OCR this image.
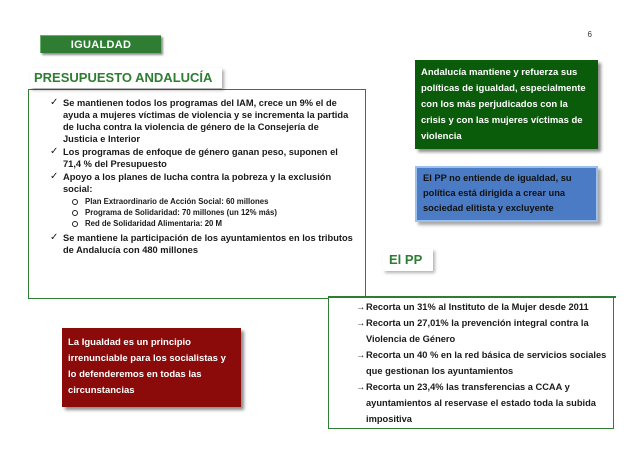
6
IGUALDAD
PRESUPUESTO ANDALUCÍA
✓ Se mantienen todos los programas del IAM, crece un 9% el de ayuda a mujeres víctimas de violencia y se incrementa la partida de lucha contra la violencia de género de la Consejería de Justicia e Interior
✓ Los programas de enfoque de género ganan peso, suponen el 71,4 % del Presupuesto
✓ Apoyo a los planes de lucha contra la pobreza y la exclusión social:
Plan Extraordinario de Acción Social: 60 millones
Programa de Solidaridad: 70 millones (un 12% más)
Red de Solidaridad Alimentaria: 20 M
✓ Se mantiene la participación de los ayuntamientos en los tributos de Andalucía con 480 millones
Andalucía mantiene y refuerza sus políticas de igualdad, especialmente con los más perjudicados con la crisis y con las mujeres víctimas de violencia
El PP no entiende de igualdad, su política está dirigida a crear una sociedad elitista y excluyente
El PP
→ Recorta un 31% al Instituto de la Mujer desde 2011
→ Recorta un 27,01% la prevención integral contra la Violencia de Género
→ Recorta un 40 % en la red básica de servicios sociales que gestionan los ayuntamientos
→ Recorta un 23,4% las transferencias a CCAA y ayuntamientos al reservase el estado toda la subida impositiva
La Igualdad es un principio irrenunciable para los socialistas y lo defenderemos en todas las circunstancias
